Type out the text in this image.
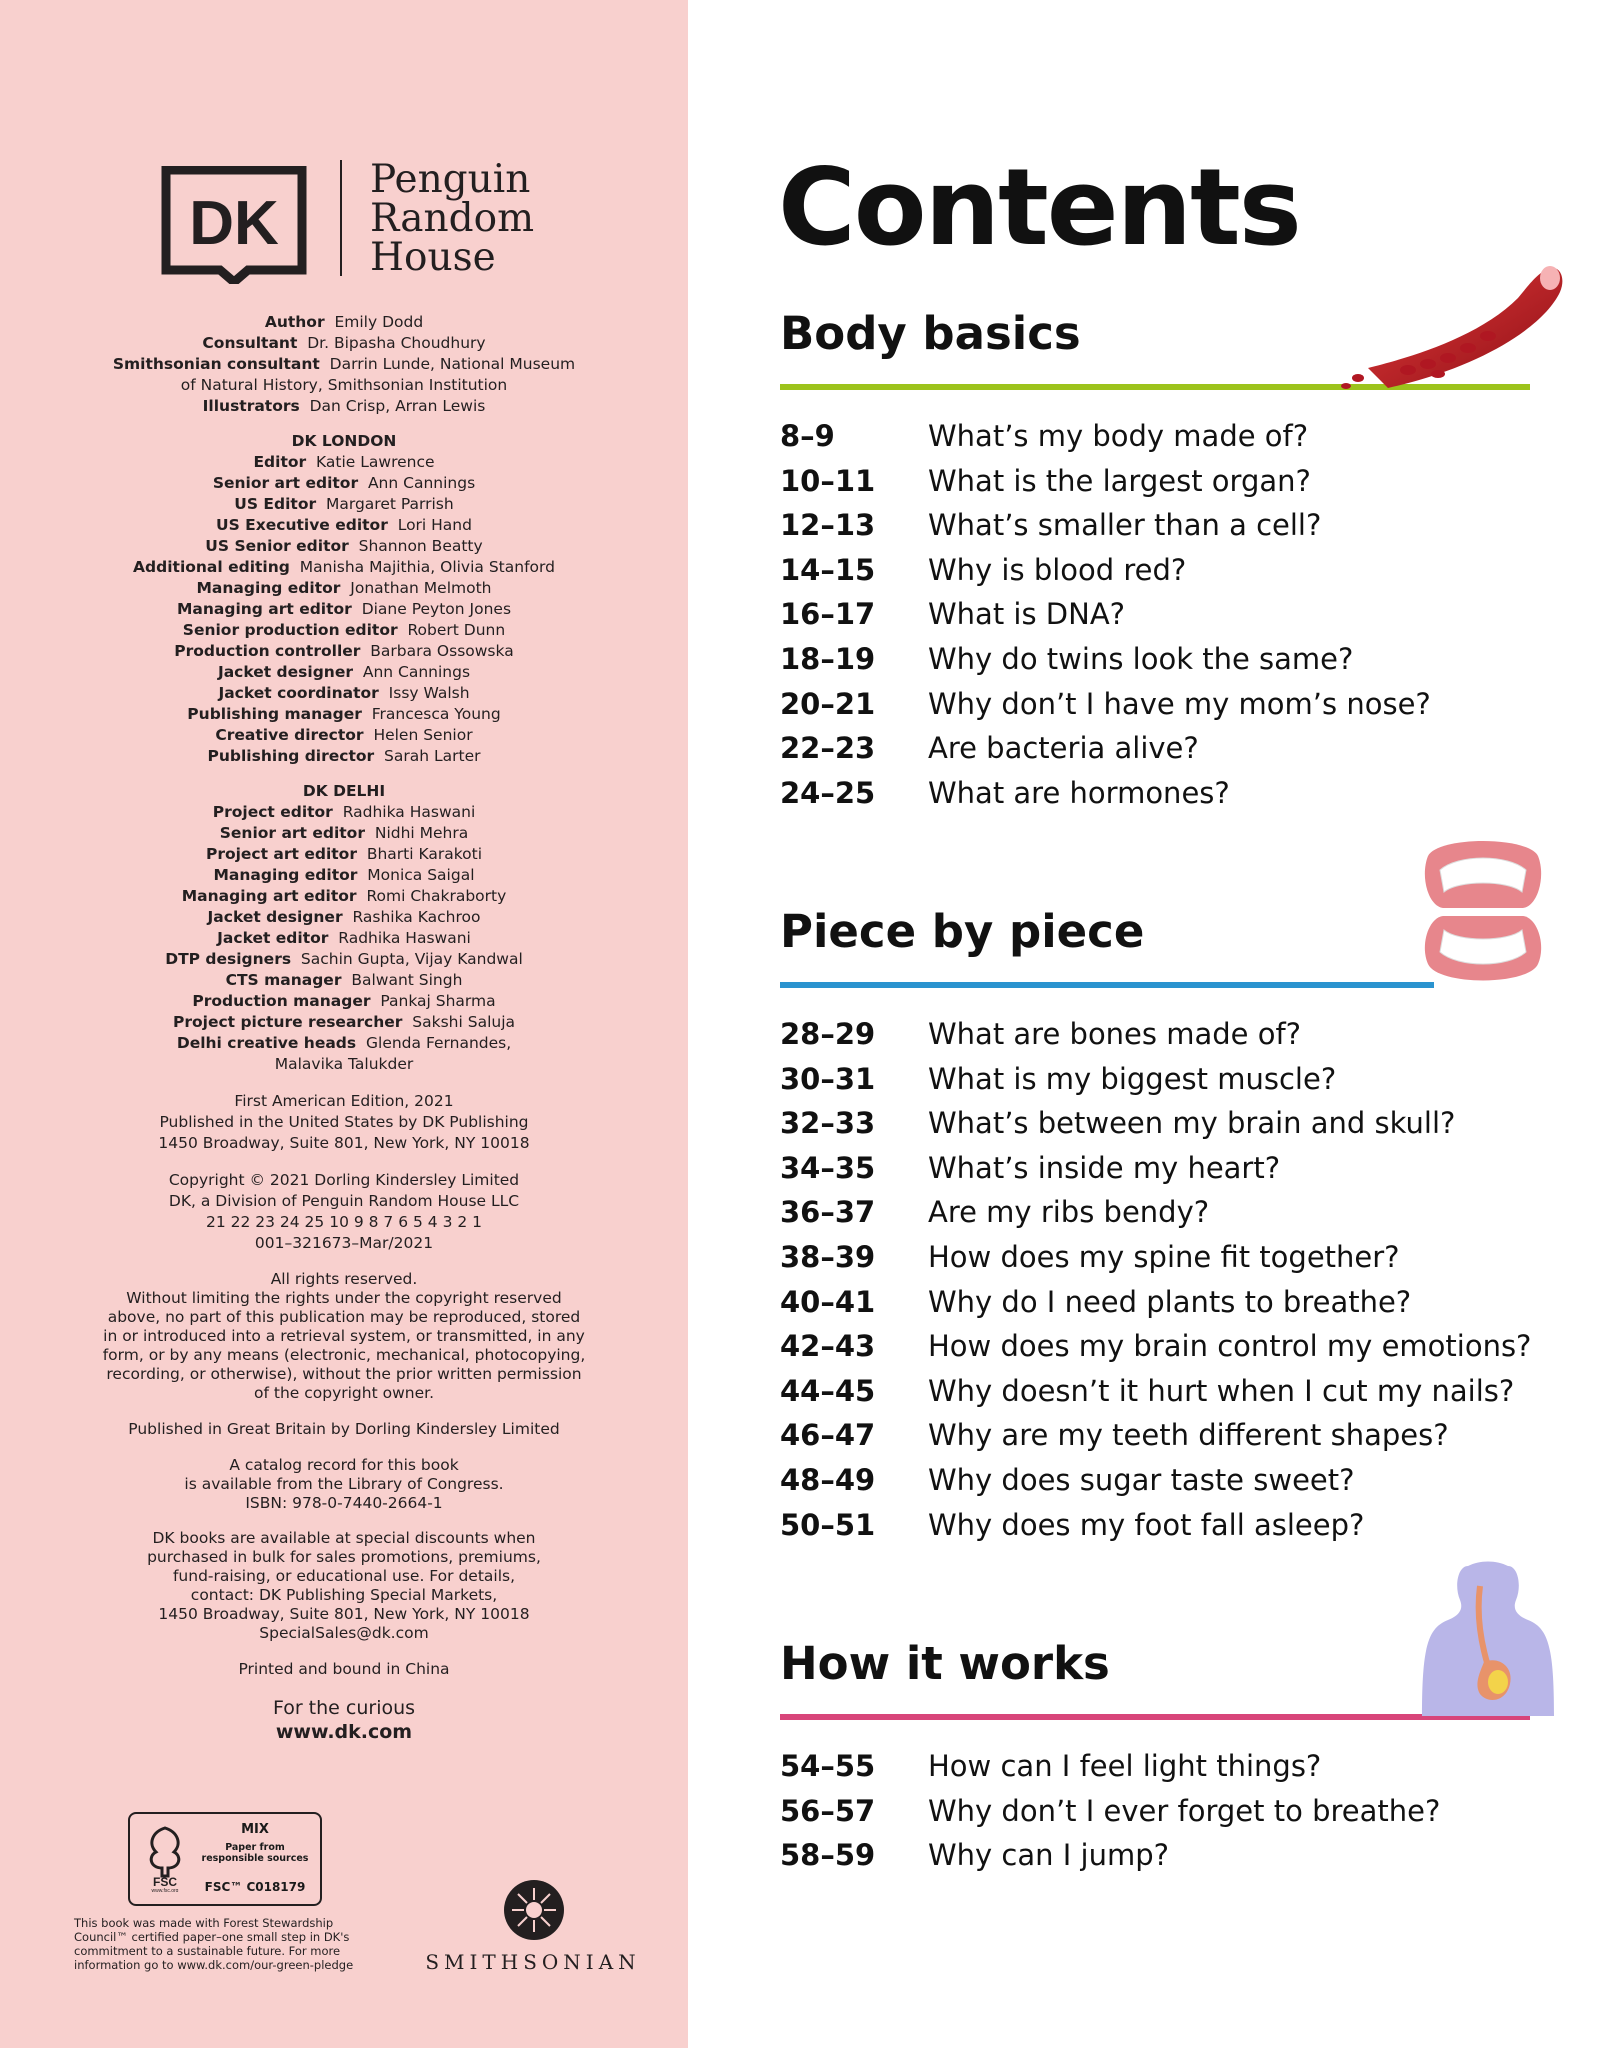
DK
Penguin
Random
House
Author Emily Dodd
Consultant Dr. Bipasha Choudhury
Smithsonian consultant Darrin Lunde, National Museum
of Natural History, Smithsonian Institution
Illustrators Dan Crisp, Arran Lewis
DK LONDON
Editor Katie Lawrence
Senior art editor Ann Cannings
US Editor Margaret Parrish
US Executive editor Lori Hand
US Senior editor Shannon Beatty
Additional editing Manisha Majithia, Olivia Stanford
Managing editor Jonathan Melmoth
Managing art editor Diane Peyton Jones
Senior production editor Robert Dunn
Production controller Barbara Ossowska
Jacket designer Ann Cannings
Jacket coordinator Issy Walsh
Publishing manager Francesca Young
Creative director Helen Senior
Publishing director Sarah Larter
DK DELHI
Project editor Radhika Haswani
Senior art editor Nidhi Mehra
Project art editor Bharti Karakoti
Managing editor Monica Saigal
Managing art editor Romi Chakraborty
Jacket designer Rashika Kachroo
Jacket editor Radhika Haswani
DTP designers Sachin Gupta, Vijay Kandwal
CTS manager Balwant Singh
Production manager Pankaj Sharma
Project picture researcher Sakshi Saluja
Delhi creative heads Glenda Fernandes,
Malavika Talukder
First American Edition, 2021
Published in the United States by DK Publishing
1450 Broadway, Suite 801, New York, NY 10018
Copyright © 2021 Dorling Kindersley Limited
DK, a Division of Penguin Random House LLC
21 22 23 24 25 10 9 8 7 6 5 4 3 2 1
001–321673–Mar/2021
All rights reserved.
Without limiting the rights under the copyright reserved
above, no part of this publication may be reproduced, stored
in or introduced into a retrieval system, or transmitted, in any
form, or by any means (electronic, mechanical, photocopying,
recording, or otherwise), without the prior written permission
of the copyright owner.
Published in Great Britain by Dorling Kindersley Limited
A catalog record for this book
is available from the Library of Congress.
ISBN: 978-0-7440-2664-1
DK books are available at special discounts when
purchased in bulk for sales promotions, premiums,
fund-raising, or educational use. For details,
contact: DK Publishing Special Markets,
1450 Broadway, Suite 801, New York, NY 10018
SpecialSales@dk.com
Printed and bound in China
For the curious
www.dk.com
FSC
www.fsc.org
MIX
Paper from
responsible sources
FSC™ C018179
This book was made with Forest Stewardship
Council™ certified paper–one small step in DK's
commitment to a sustainable future. For more
information go to www.dk.com/our-green-pledge	SMITHSONIAN
Contents
Body basics
8–9	What’s my body made of?
10–11 What is the largest organ?
12–13 What’s smaller than a cell?
14–15 Why is blood red?
16–17 What is DNA?
18–19 Why do twins look the same?
20–21 Why don’t I have my mom’s nose?
22–23 Are bacteria alive?
24–25 What are hormones?
Piece by piece
28–29 What are bones made of?
30–31 What is my biggest muscle?
32–33 What’s between my brain and skull?
34–35 What’s inside my heart?
36–37 Are my ribs bendy?
38–39 How does my spine fit together?
40–41 Why do I need plants to breathe?
42–43 How does my brain control my emotions?
44–45 Why doesn’t it hurt when I cut my nails?
46–47 Why are my teeth different shapes?
48–49 Why does sugar taste sweet?
50–51 Why does my foot fall asleep?
How it works
54–55 How can I feel light things?
56–57 Why don’t I ever forget to breathe?
58–59 Why can I jump?
